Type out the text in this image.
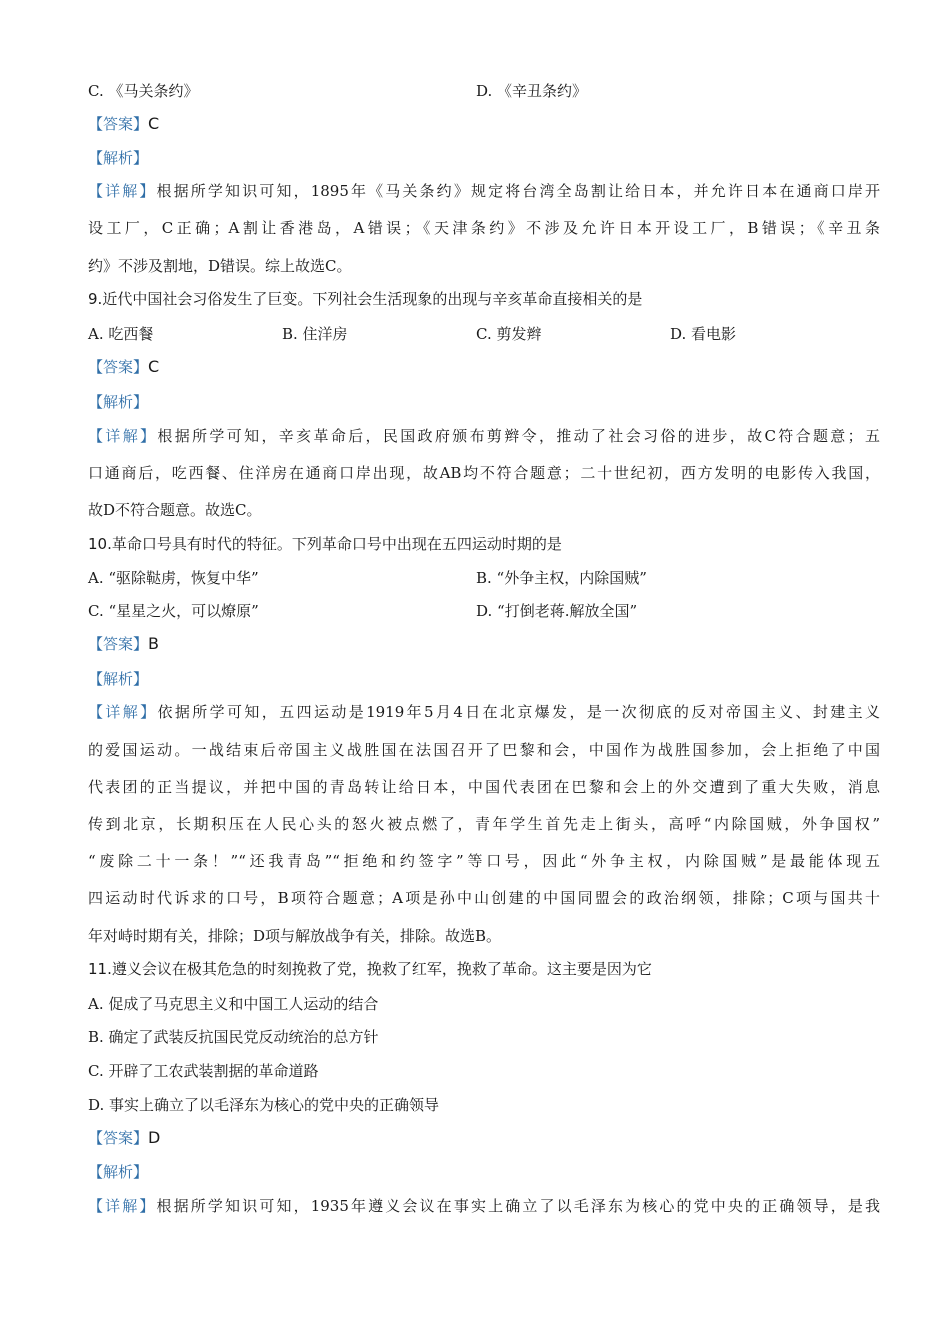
C. 《马关条约》	D. 《辛丑条约》
【答案】C
【解析】
【详解】根据所学知识可知，1895年《马关条约》规定将台湾全岛割让给日本，并允许日本在通商口岸开
设工厂，C正确；A割让香港岛，A错误；《天津条约》不涉及允许日本开设工厂，B错误；《辛丑条
约》不涉及割地，D错误。综上故选C。
9.近代中国社会习俗发生了巨变。下列社会生活现象的出现与辛亥革命直接相关的是
A. 吃西餐	B. 住洋房	C. 剪发辫	D. 看电影
【答案】C
【解析】
【详解】根据所学可知，辛亥革命后，民国政府颁布剪辫令，推动了社会习俗的进步，故C符合题意；五
口通商后，吃西餐、住洋房在通商口岸出现，故AB均不符合题意；二十世纪初，西方发明的电影传入我国，
故D不符合题意。故选C。
10.革命口号具有时代的特征。下列革命口号中出现在五四运动时期的是
A. “驱除鞑虏，恢复中华”	B. “外争主权，内除国贼”
C. “星星之火，可以燎原”	D. “打倒老蒋.解放全国”
【答案】B
【解析】
【详解】依据所学可知，五四运动是1919年5月4日在北京爆发，是一次彻底的反对帝国主义、封建主义
的爱国运动。一战结束后帝国主义战胜国在法国召开了巴黎和会，中国作为战胜国参加，会上拒绝了中国
代表团的正当提议，并把中国的青岛转让给日本，中国代表团在巴黎和会上的外交遭到了重大失败，消息
传到北京，长期积压在人民心头的怒火被点燃了，青年学生首先走上街头，高呼“内除国贼，外争国权”
“废除二十一条！”“还我青岛”“拒绝和约签字”等口号，因此“外争主权，内除国贼”是最能体现五
四运动时代诉求的口号，B项符合题意；A项是孙中山创建的中国同盟会的政治纲领，排除；C项与国共十
年对峙时期有关，排除；D项与解放战争有关，排除。故选B。
11.遵义会议在极其危急的时刻挽救了党，挽救了红军，挽救了革命。这主要是因为它
A. 促成了马克思主义和中国工人运动的结合
B. 确定了武装反抗国民党反动统治的总方针
C. 开辟了工农武装割据的革命道路
D. 事实上确立了以毛泽东为核心的党中央的正确领导
【答案】D
【解析】
【详解】根据所学知识可知，1935年遵义会议在事实上确立了以毛泽东为核心的党中央的正确领导，是我
